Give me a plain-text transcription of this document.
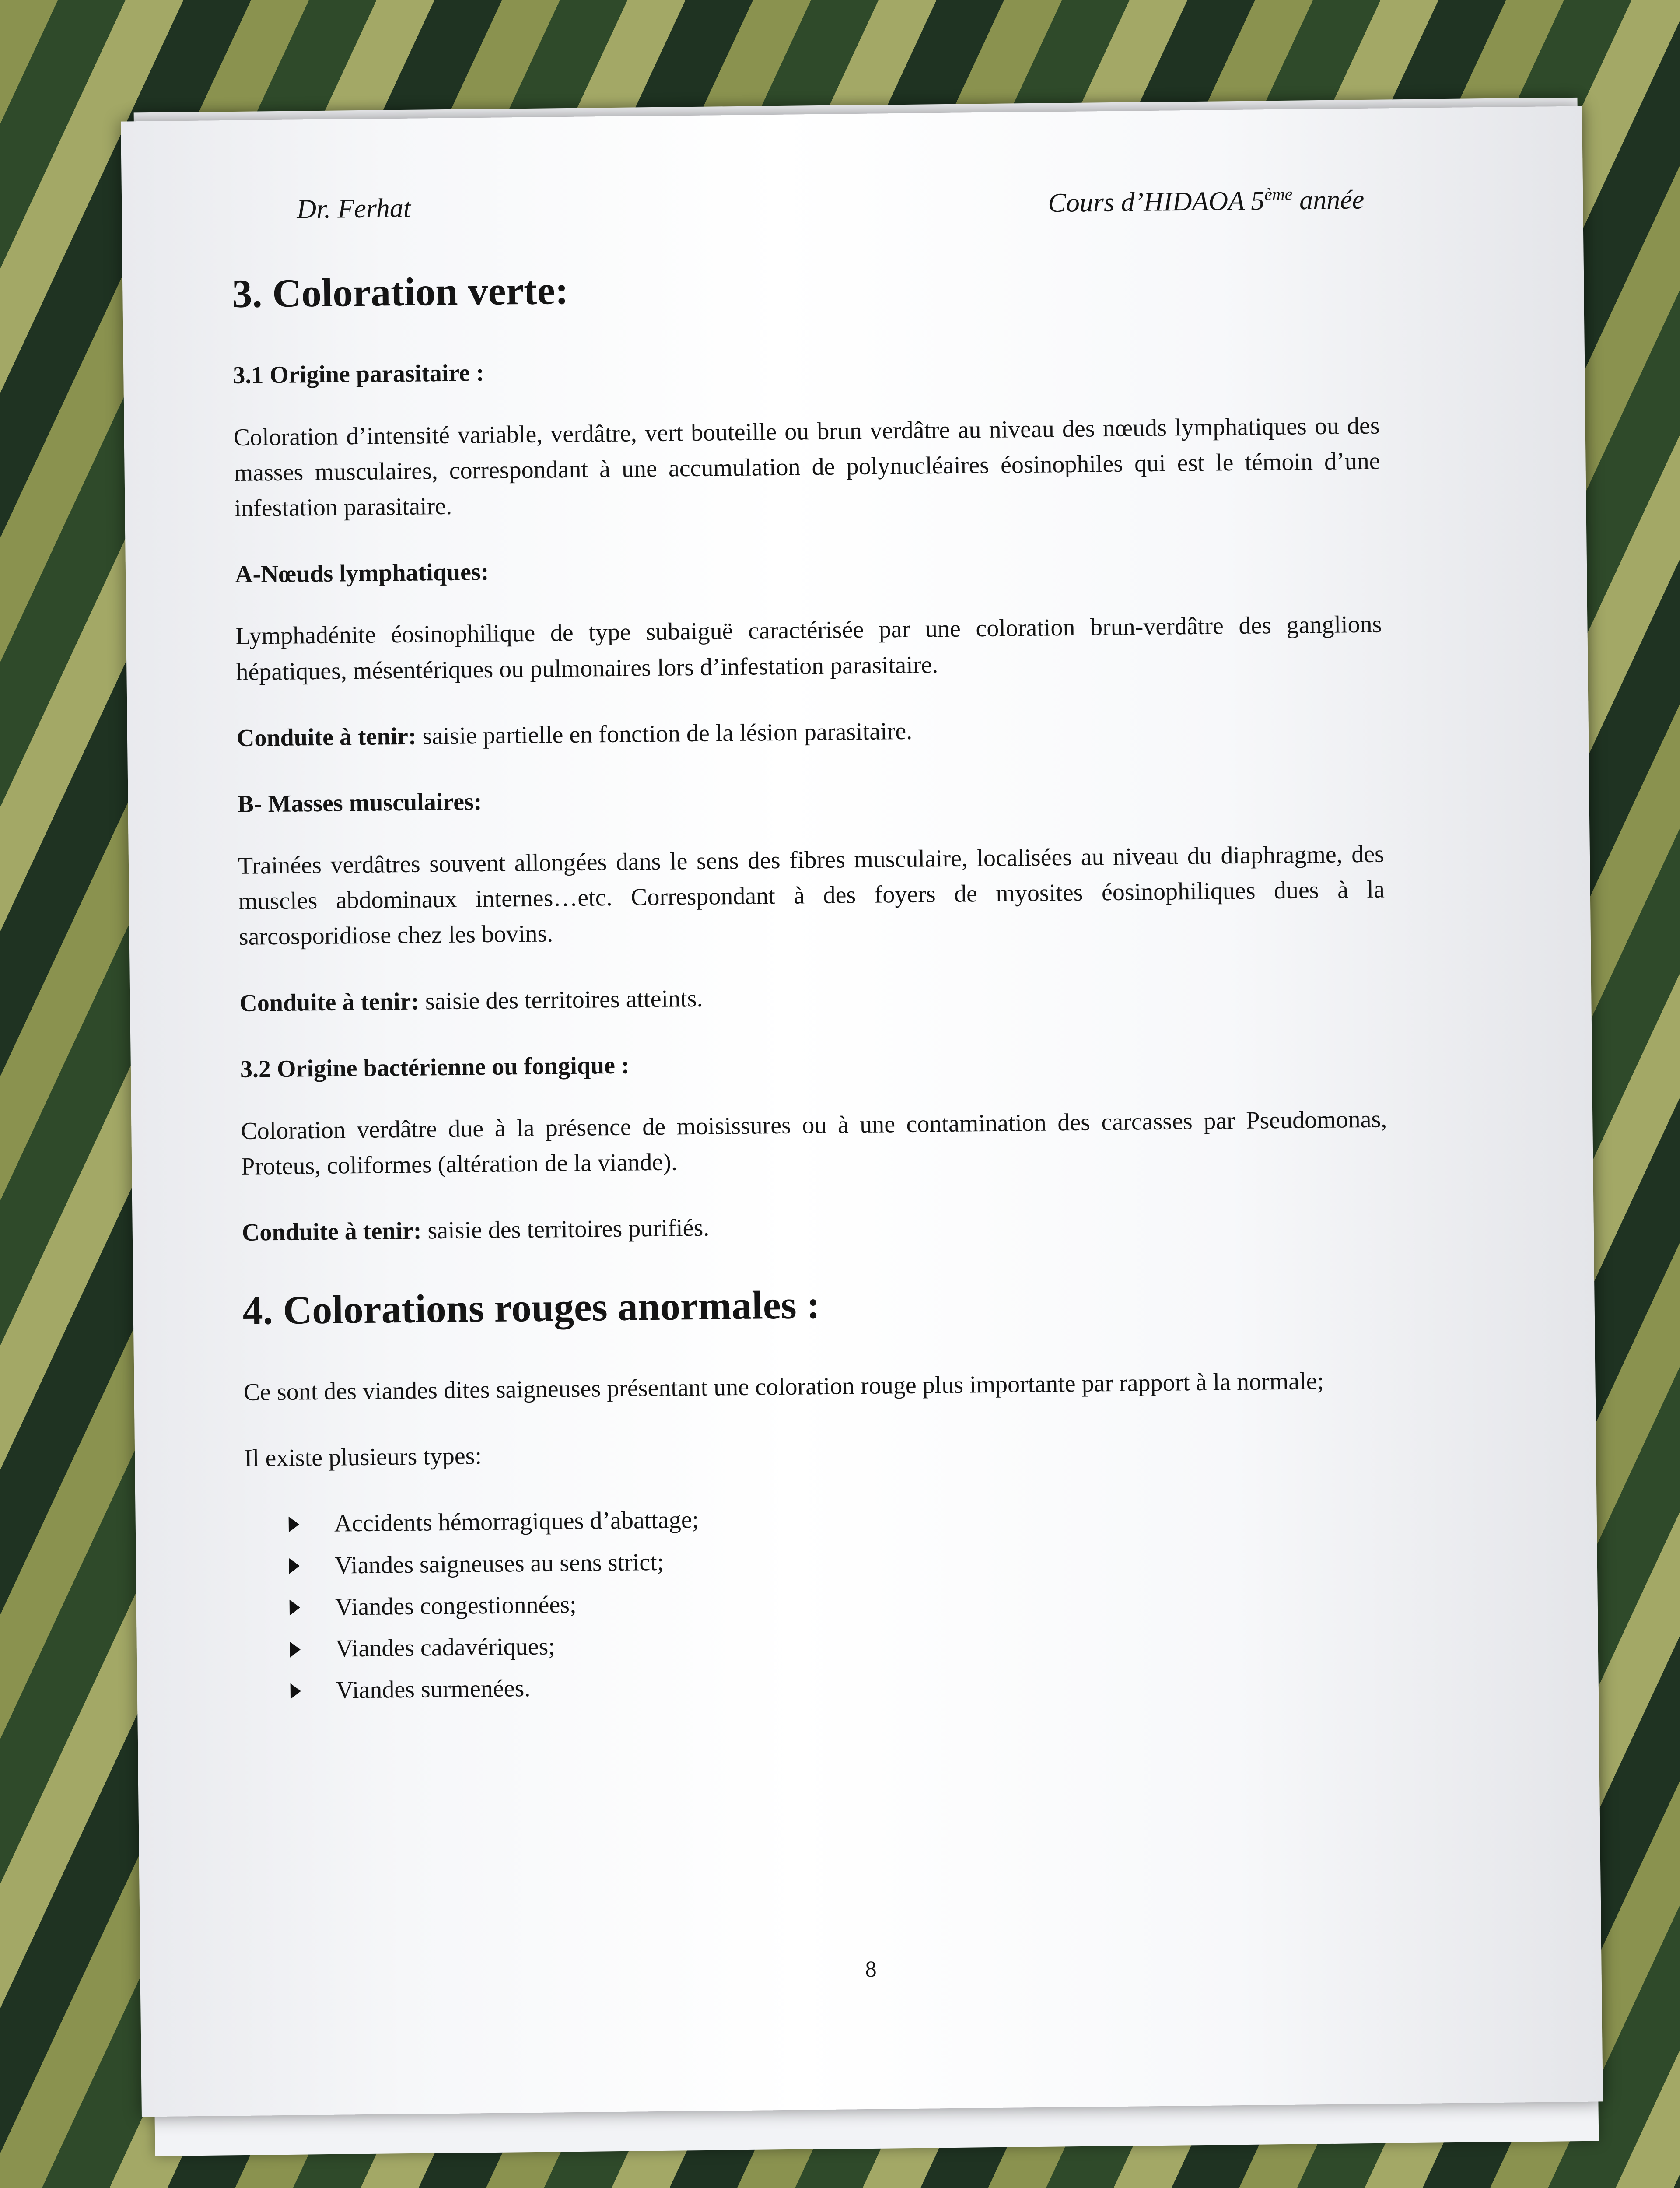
Dr. Ferhat	Cours d’HIDAOA 5ème année
3. Coloration verte:
3.1 Origine parasitaire :

Coloration d’intensité variable, verdâtre, vert bouteille ou brun verdâtre au niveau des nœuds lymphatiques ou des masses musculaires, correspondant à une accumulation de polynucléaires éosinophiles qui est le témoin d’une infestation parasitaire.

A-Nœuds lymphatiques:

Lymphadénite éosinophilique de type subaiguë caractérisée par une coloration brun-verdâtre des ganglions hépatiques, mésentériques ou pulmonaires lors d’infestation parasitaire.

Conduite à tenir: saisie partielle en fonction de la lésion parasitaire.

B- Masses musculaires:

Trainées verdâtres souvent allongées dans le sens des fibres musculaire, localisées au niveau du diaphragme, des muscles abdominaux internes…etc. Correspondant à des foyers de myosites éosinophiliques dues à la sarcosporidiose chez les bovins.

Conduite à tenir: saisie des territoires atteints.

3.2 Origine bactérienne ou fongique :

Coloration verdâtre due à la présence de moisissures ou à une contamination des carcasses par Pseudomonas, Proteus, coliformes (altération de la viande).

Conduite à tenir: saisie des territoires purifiés.

4. Colorations rouges anormales :

Ce sont des viandes dites saigneuses présentant une coloration rouge plus importante par rapport à la normale;

Il existe plusieurs types:

Accidents hémorragiques d’abattage;
Viandes saigneuses au sens strict;
Viandes congestionnées;
Viandes cadavériques;
Viandes surmenées.
8
